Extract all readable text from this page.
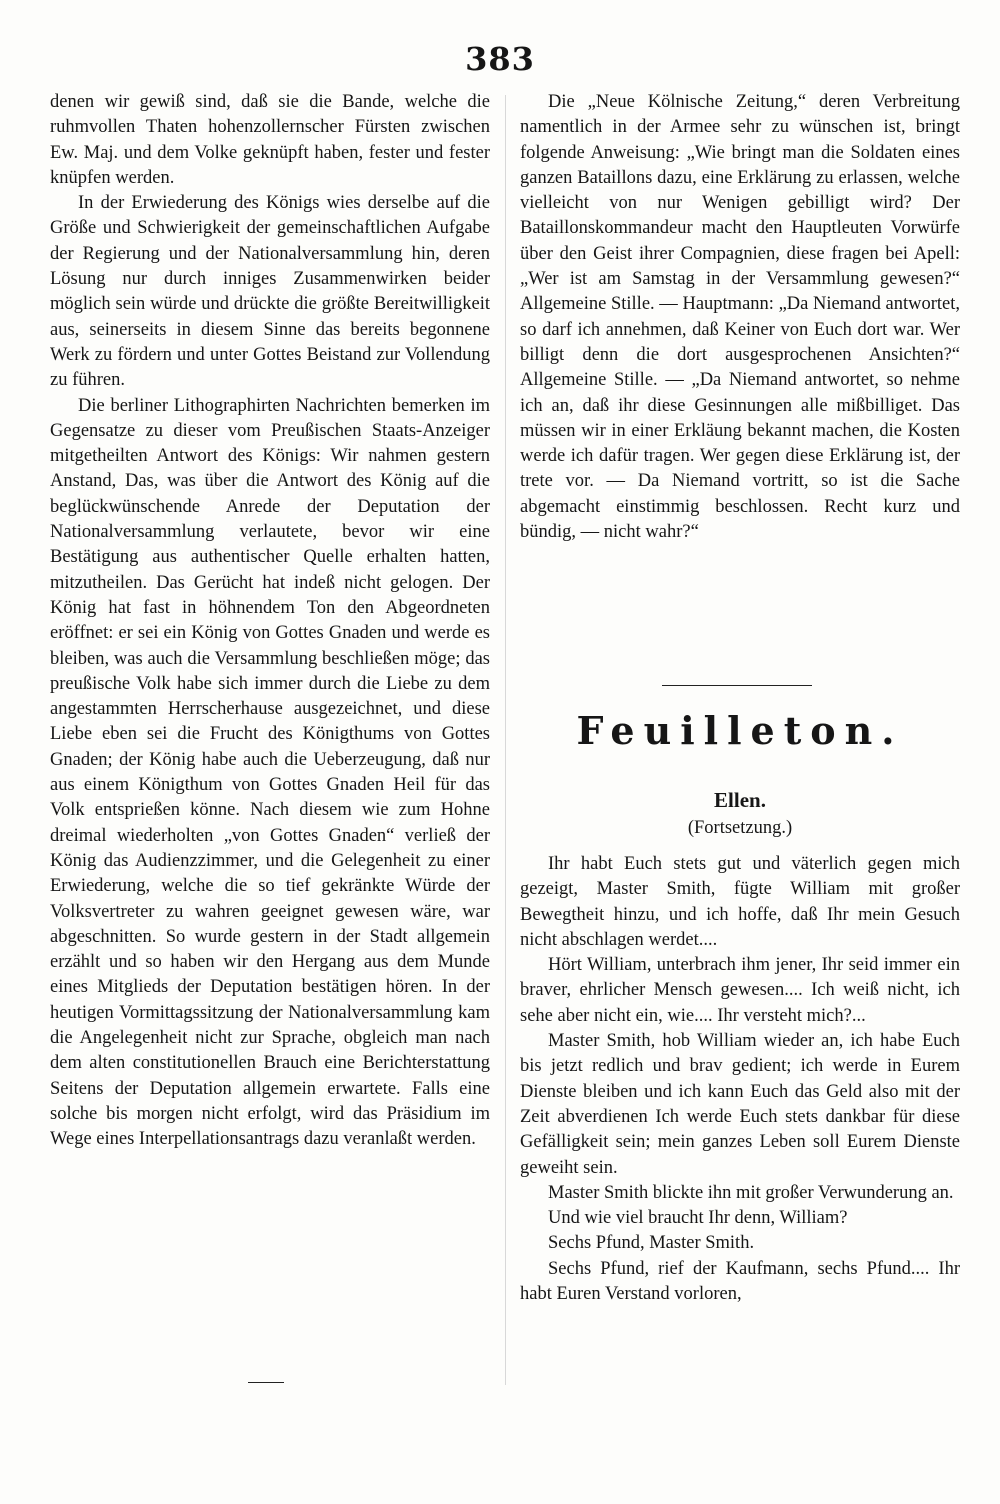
383

denen wir gewiß sind, daß sie die Bande, welche die ruhmvollen Thaten hohenzollernscher Fürsten zwischen Ew. Maj. und dem Volke geknüpft haben, fester und fester knüpfen werden.

In der Erwiederung des Königs wies derselbe auf die Größe und Schwierigkeit der gemeinschaftlichen Aufgabe der Regierung und der Nationalversammlung hin, deren Lösung nur durch inniges Zusammenwirken beider möglich sein würde und drückte die größte Bereitwilligkeit aus, seinerseits in diesem Sinne das bereits begonnene Werk zu fördern und unter Gottes Beistand zur Vollendung zu führen.

Die berliner Lithographirten Nachrichten bemerken im Gegensatze zu dieser vom Preußischen Staats-Anzeiger mitgetheilten Antwort des Königs: Wir nahmen gestern Anstand, Das, was über die Antwort des König auf die beglückwünschende Anrede der Deputation der Nationalversammlung verlautete, bevor wir eine Bestätigung aus authentischer Quelle erhalten hatten, mitzutheilen. Das Gerücht hat indeß nicht gelogen. Der König hat fast in höhnendem Ton den Abgeordneten eröffnet: er sei ein König von Gottes Gnaden und werde es bleiben, was auch die Versammlung beschließen möge; das preußische Volk habe sich immer durch die Liebe zu dem angestammten Herrscherhause ausgezeichnet, und diese Liebe eben sei die Frucht des Königthums von Gottes Gnaden; der König habe auch die Ueberzeugung, daß nur aus einem Königthum von Gottes Gnaden Heil für das Volk entsprießen könne. Nach diesem wie zum Hohne dreimal wiederholten „von Gottes Gnaden“ verließ der König das Audienzzimmer, und die Gelegenheit zu einer Erwiederung, welche die so tief gekränkte Würde der Volksvertreter zu wahren geeignet gewesen wäre, war abgeschnitten. So wurde gestern in der Stadt allgemein erzählt und so haben wir den Hergang aus dem Munde eines Mitglieds der Deputation bestätigen hören. In der heutigen Vormittagssitzung der Nationalversammlung kam die Angelegenheit nicht zur Sprache, obgleich man nach dem alten constitutionellen Brauch eine Berichterstattung Seitens der Deputation allgemein erwartete. Falls eine solche bis morgen nicht erfolgt, wird das Präsidium im Wege eines Interpellationsantrags dazu veranlaßt werden.

Die „Neue Kölnische Zeitung,“ deren Verbreitung namentlich in der Armee sehr zu wünschen ist, bringt folgende Anweisung: „Wie bringt man die Soldaten eines ganzen Bataillons dazu, eine Erklärung zu erlassen, welche vielleicht von nur Wenigen gebilligt wird? Der Bataillonskommandeur macht den Hauptleuten Vorwürfe über den Geist ihrer Compagnien, diese fragen bei Apell: „Wer ist am Samstag in der Versammlung gewesen?“ Allgemeine Stille. — Hauptmann: „Da Niemand antwortet, so darf ich annehmen, daß Keiner von Euch dort war. Wer billigt denn die dort ausgesprochenen Ansichten?“ Allgemeine Stille. — „Da Niemand antwortet, so nehme ich an, daß ihr diese Gesinnungen alle mißbilliget. Das müssen wir in einer Erkläung bekannt machen, die Kosten werde ich dafür tragen. Wer gegen diese Erklärung ist, der trete vor. — Da Niemand vortritt, so ist die Sache abgemacht einstimmig beschlossen. Recht kurz und bündig, — nicht wahr?“

Feuilleton.
Ellen.
(Fortsetzung.)

Ihr habt Euch stets gut und väterlich gegen mich gezeigt, Master Smith, fügte William mit großer Bewegtheit hinzu, und ich hoffe, daß Ihr mein Gesuch nicht abschlagen werdet....

Hört William, unterbrach ihm jener, Ihr seid immer ein braver, ehrlicher Mensch gewesen.... Ich weiß nicht, ich sehe aber nicht ein, wie.... Ihr versteht mich?...

Master Smith, hob William wieder an, ich habe Euch bis jetzt redlich und brav gedient; ich werde in Eurem Dienste bleiben und ich kann Euch das Geld also mit der Zeit abverdienen Ich werde Euch stets dankbar für diese Gefälligkeit sein; mein ganzes Leben soll Eurem Dienste geweiht sein.

Master Smith blickte ihn mit großer Verwunderung an.

Und wie viel braucht Ihr denn, William?

Sechs Pfund, Master Smith.

Sechs Pfund, rief der Kaufmann, sechs Pfund.... Ihr habt Euren Verstand vorloren,
